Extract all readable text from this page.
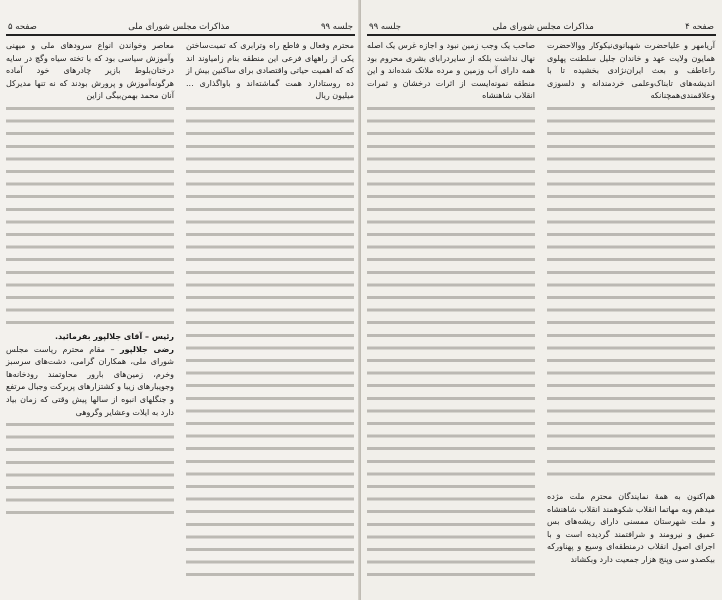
جلسه ۹۹
مذاکرات مجلس شورای ملی
صفحه ۵

محترم وفعال و فاطع راه وترابری که تمیت‌ساختن یکی از راههای فرعی این منطقه بنام زامیاوند اند که که اهمیت حیاتی واقتصادی برای ساکنین بیش از ده روستادارد همت گماشته‌اند و باواگذاری ... میلیون ریال

معاصر وخواندن انواع سرودهای ملی و میهنی وآموزش سیاسی بود که با تخته سیاه وگچ در سایه درختان‌بلوط بازیر چادرهای خود آماده هرگونه‌آموزش و پرورش بودند که نه تنها مدیرکل آنان محمد بهمن‌بیگی ازاین

رئیس – آقای جلالپور بفرمائید.

رضی جلالپور – مقام محترم ریاست مجلس شورای ملی، همکاران گرامی، دشت‌های سرسبز وخرم، زمین‌های بارور محاوتمند رودخانه‌ها وجویبارهای زیبا و کشتزارهای پربرکت وجبال مرتفع و جنگلهای انبوه از سالها پیش وقتی که زمان بیاد دارد به ایلات وعشایر وگروهی

صفحه ۴
مذاکرات مجلس شورای ملی
جلسه ۹۹

آریامهر و علیاحضرت شهبانوی‌نیکوکار ووالاحضرت همایون ولایت عهد و خاندان جلیل سلطنت پهلوی راعاطف و بعث ایران‌نژادی بخشیده تا با اندیشه‌های تابناک‌وعلمی خردمندانه و دلسوزی وعلاقمندی‌همچنانکه

هم‌اکنون به همهٔ نمایندگان محترم ملت مژده میدهم وبه مهاتما انقلاب شکوهمند انقلاب شاهنشاه و ملت شهرستان ممسنی دارای ریشه‌های بس عمیق و نیرومند و شرافتمند گردیده است و با اجرای اصول انقلاب درمنطقه‌ای وسیع و پهناورکه بیکصدو سی وپنج هزار جمعیت دارد وبکشاند

صاحب یک وجب زمین نبود و اجازه غرس یک اصله نهال نداشت بلکه از سایردرابای بشری محروم بود همه دارای آب وزمین و مرده ملانک شده‌اند و این منطقه نمونه‌ایست از اثرات درخشان و ثمرات انقلاب شاهنشاه
